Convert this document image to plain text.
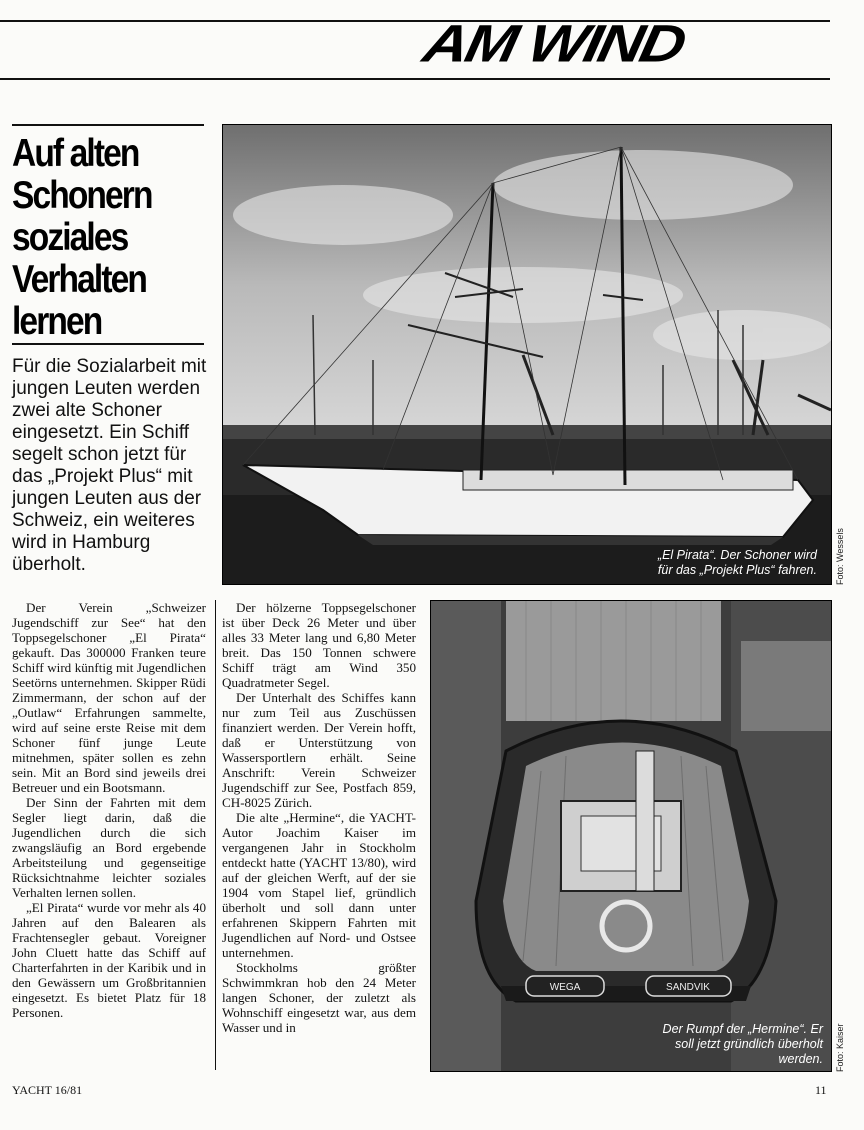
AM WIND
Auf alten
Schonern
soziales
Verhalten
lernen
Für die Sozialarbeit mit jungen Leuten werden zwei alte Schoner eingesetzt. Ein Schiff segelt schon jetzt für das „Projekt Plus“ mit jungen Leuten aus der Schweiz, ein weiteres wird in Hamburg überholt.	„El Pirata“. Der Schoner wird
für das „Projekt Plus“ fahren. Foto: Wessels

Der Verein „Schweizer Jugendschiff zur See“ hat den Toppsegelschoner „El Pirata“ gekauft. Das 300000 Franken teure Schiff wird künftig mit Jugendlichen Seetörns unternehmen. Skipper Rüdi Zimmermann, der schon auf der „Outlaw“ Erfahrungen sammelte, wird auf seine erste Reise mit dem Schoner fünf junge Leute mitnehmen, später sollen es zehn sein. Mit an Bord sind jeweils drei Betreuer und ein Bootsmann.

Der Sinn der Fahrten mit dem Segler liegt darin, daß die Jugendlichen durch die sich zwangsläufig an Bord ergebende Arbeitsteilung und gegenseitige Rücksichtnahme leichter soziales Verhalten lernen sollen.

„El Pirata“ wurde vor mehr als 40 Jahren auf den Balearen als Frachtensegler gebaut. Voreigner John Cluett hatte das Schiff auf Charterfahrten in der Karibik und in den Gewässern um Großbritannien eingesetzt. Es bietet Platz für 18 Personen.

Der hölzerne Toppsegelschoner ist über Deck 26 Meter und über alles 33 Meter lang und 6,80 Meter breit. Das 150 Tonnen schwere Schiff trägt am Wind 350 Quadratmeter Segel.

Der Unterhalt des Schiffes kann nur zum Teil aus Zuschüssen finanziert werden. Der Verein hofft, daß er Unterstützung von Wassersportlern erhält. Seine Anschrift: Verein Schweizer Jugendschiff zur See, Postfach 859, CH-8025 Zürich.

Die alte „Hermine“, die YACHT-Autor Joachim Kaiser im vergangenen Jahr in Stockholm entdeckt hatte (YACHT 13/80), wird auf der gleichen Werft, auf der sie 1904 vom Stapel lief, gründlich überholt und soll dann unter erfahrenen Skippern Fahrten mit Jugendlichen auf Nord- und Ostsee unternehmen.

Stockholms größter Schwimmkran hob den 24 Meter langen Schoner, der zuletzt als Wohnschiff eingesetzt war, aus dem Wasser und in

WEGA	SANDVIK
Der Rumpf der „Hermine“. Er
soll jetzt gründlich überholt
werden. Foto: Kaiser
YACHT 16/81	11
